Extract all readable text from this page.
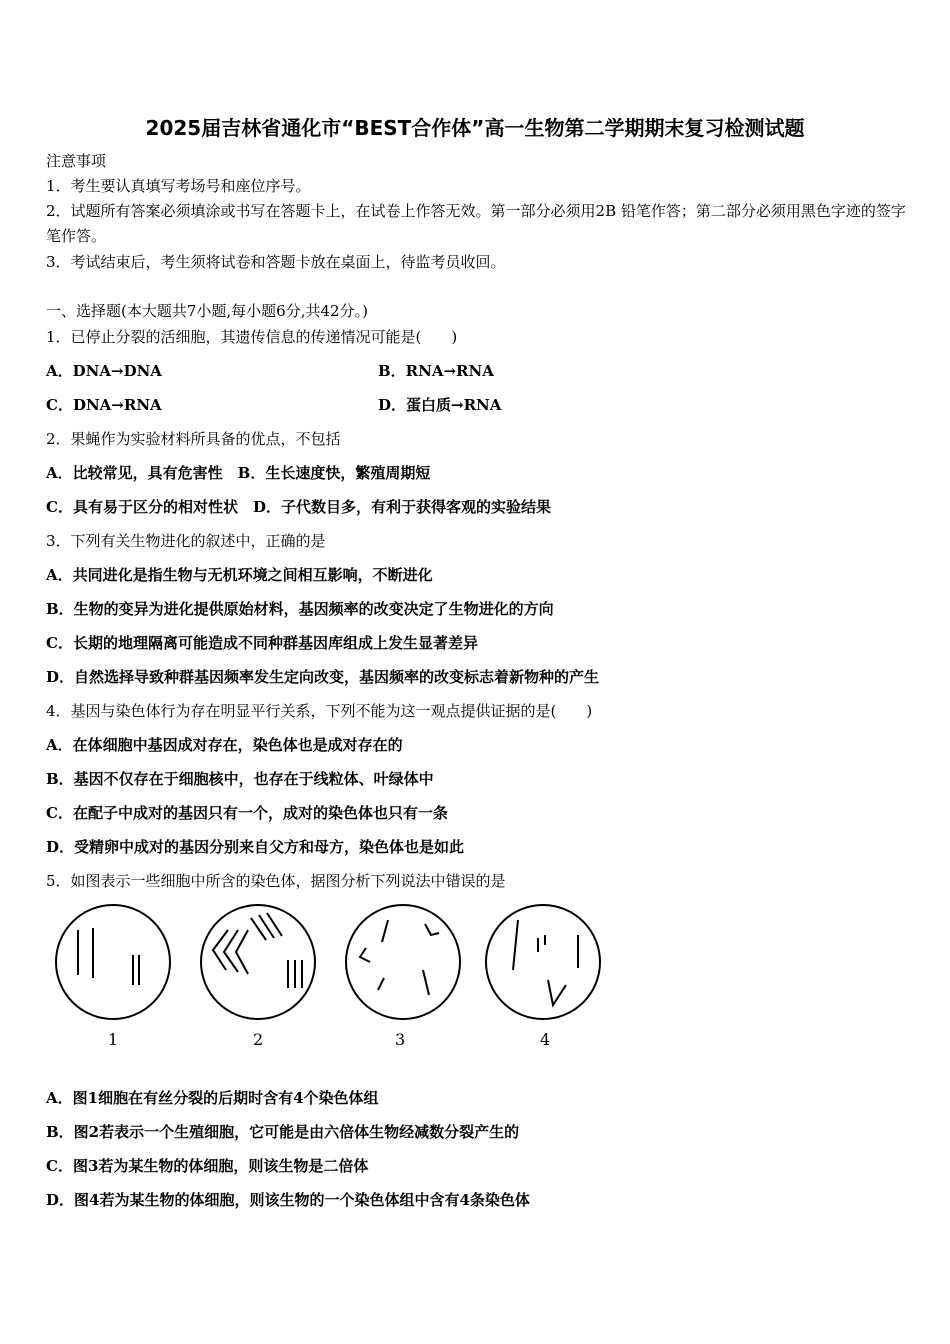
2025届吉林省通化市“BEST合作体”高一生物第二学期期末复习检测试题
注意事项
1．考生要认真填写考场号和座位序号。
2．试题所有答案必须填涂或书写在答题卡上，在试卷上作答无效。第一部分必须用2B 铅笔作答；第二部分必须用黑色字迹的签字笔作答。
3．考试结束后，考生须将试卷和答题卡放在桌面上，待监考员收回。
一、选择题(本大题共7小题,每小题6分,共42分。)
1．已停止分裂的活细胞，其遗传信息的传递情况可能是(　　)
A．DNA→DNA	B．RNA→RNA
C．DNA→RNA	D．蛋白质→RNA
2．果蝇作为实验材料所具备的优点，不包括
A．比较常见，具有危害性　B．生长速度快，繁殖周期短
C．具有易于区分的相对性状　D．子代数目多，有利于获得客观的实验结果
3．下列有关生物进化的叙述中，正确的是
A．共同进化是指生物与无机环境之间相互影响，不断进化
B．生物的变异为进化提供原始材料，基因频率的改变决定了生物进化的方向
C．长期的地理隔离可能造成不同种群基因库组成上发生显著差异
D．自然选择导致种群基因频率发生定向改变，基因频率的改变标志着新物种的产生
4．基因与染色体行为存在明显平行关系，下列不能为这一观点提供证据的是(　　)
A．在体细胞中基因成对存在，染色体也是成对存在的
B．基因不仅存在于细胞核中，也存在于线粒体、叶绿体中
C．在配子中成对的基因只有一个，成对的染色体也只有一条
D．受精卵中成对的基因分别来自父方和母方，染色体也是如此
5．如图表示一些细胞中所含的染色体，据图分析下列说法中错误的是
1	2	3	4
A．图1细胞在有丝分裂的后期时含有4个染色体组
B．图2若表示一个生殖细胞，它可能是由六倍体生物经减数分裂产生的
C．图3若为某生物的体细胞，则该生物是二倍体
D．图4若为某生物的体细胞，则该生物的一个染色体组中含有4条染色体
